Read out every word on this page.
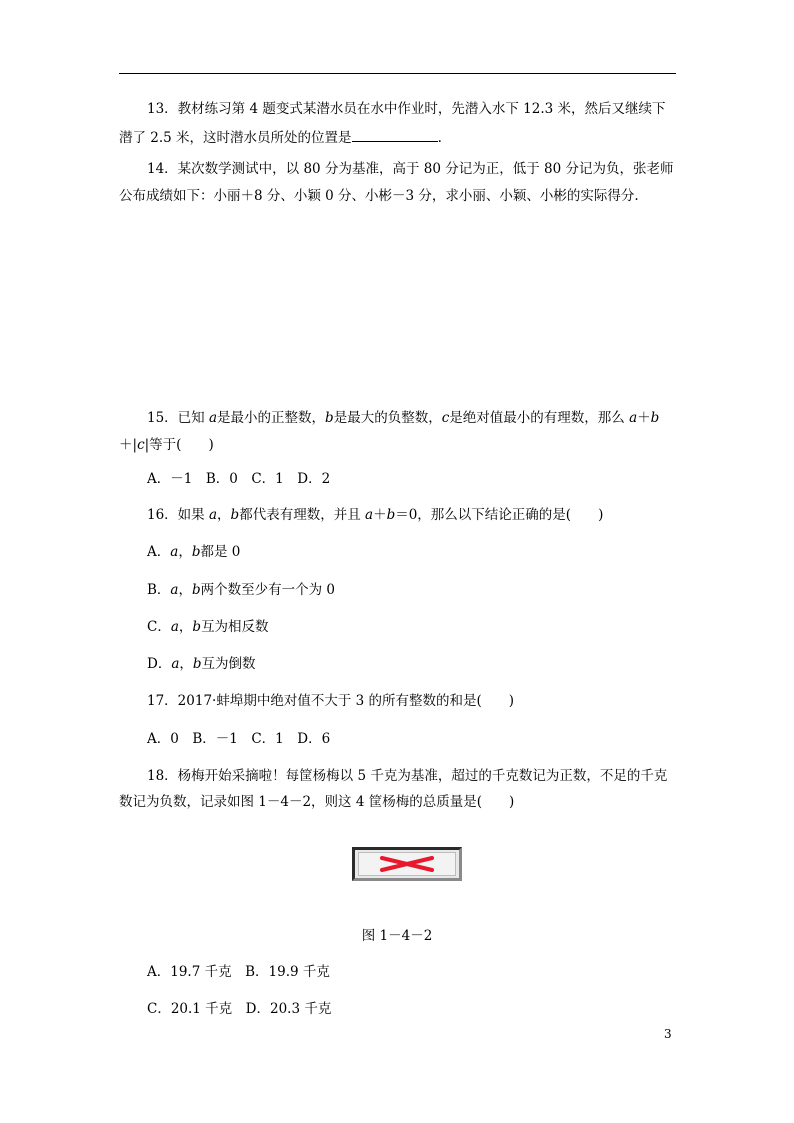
13．教材练习第 4 题变式某潜水员在水中作业时，先潜入水下 12.3 米，然后又继续下
潜了 2.5 米，这时潜水员所处的位置是	.
14．某次数学测试中，以 80 分为基准，高于 80 分记为正，低于 80 分记为负，张老师
公布成绩如下：小丽＋8 分、小颖 0 分、小彬－3 分，求小丽、小颖、小彬的实际得分.
15．已知 a是最小的正整数，b是最大的负整数，c是绝对值最小的有理数，那么 a＋b
＋|c|等于(　　)
A．－1　B．0　C．1　D．2
16．如果 a，b都代表有理数，并且 a＋b＝0，那么以下结论正确的是(　　)
A．a，b都是 0
B．a，b两个数至少有一个为 0
C．a，b互为相反数
D．a，b互为倒数
17．2017·蚌埠期中绝对值不大于 3 的所有整数的和是(　　)
A．0　B．－1　C．1　D．6
18．杨梅开始采摘啦！每筐杨梅以 5 千克为基准，超过的千克数记为正数，不足的千克
数记为负数，记录如图 1－4－2，则这 4 筐杨梅的总质量是(　　)
图 1－4－2
A．19.7 千克　B．19.9 千克
C．20.1 千克　D．20.3 千克
3
